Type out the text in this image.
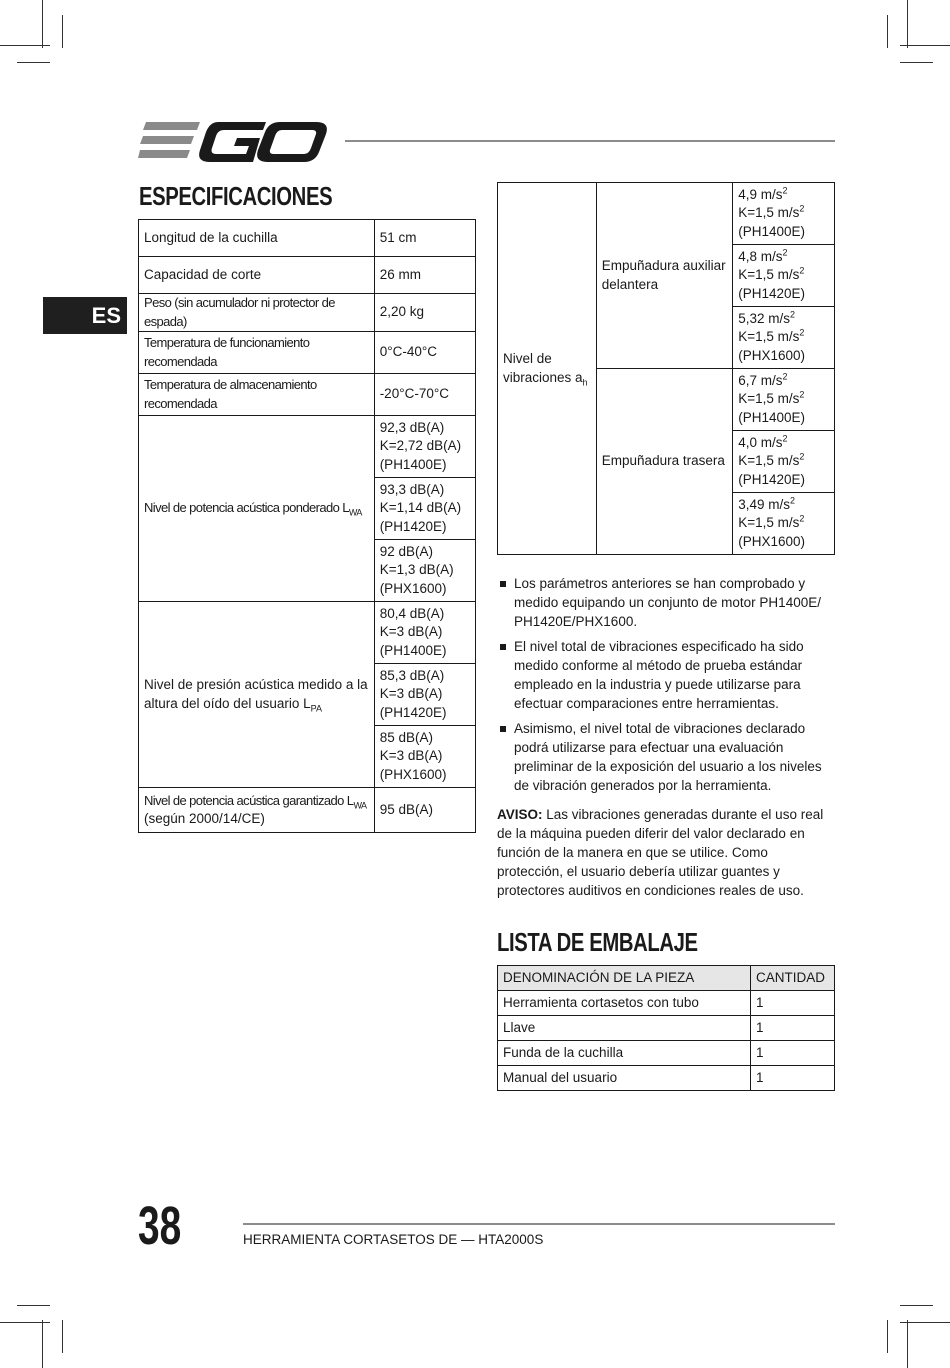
ES
ESPECIFICACIONES
Longitud de la cuchilla	51 cm
Capacidad de corte	26 mm
Peso (sin acumulador ni protector de espada)	2,20 kg
Temperatura de funcionamiento recomendada	0°C-40°C
Temperatura de almacenamiento recomendada	-20°C-70°C
Nivel de potencia acústica ponderado $L_{WA}$	92,3 dB(A)
K=2,72 dB(A)
(PH1400E)

	93,3 dB(A)
K=1,14 dB(A)
(PH1420E)

	92 dB(A)
K=1,3 dB(A)
(PHX1600)

Nivel de presión acústica medido a la altura del oído del usuario $L_{PA}$	80,4 dB(A)
K=3 dB(A)
(PH1400E)

	85,3 dB(A)
K=3 dB(A)
(PH1420E)

	85 dB(A)
K=3 dB(A)
(PHX1600)

Nivel de potencia acústica garantizado $L_{WA}$
(según 2000/14/CE)	95 dB(A)
Nivel de vibraciones $a_h$	Empuñadura auxiliar delantera	4,9 $m/s^2$
K=1,5 $m/s^2$
(PH1400E)

		4,8 $m/s^2$
K=1,5 $m/s^2$
(PH1420E)

		5,32 $m/s^2$
K=1,5 $m/s^2$
(PHX1600)

	Empuñadura trasera	6,7 $m/s^2$
K=1,5 $m/s^2$
(PH1400E)

		4,0 $m/s^2$
K=1,5 $m/s^2$
(PH1420E)

		3,49 $m/s^2$
K=1,5 $m/s^2$
(PHX1600)
Los parámetros anteriores se han comprobado y medido equipando un conjunto de motor PH1400E/ PH1420E/PHX1600.
El nivel total de vibraciones especificado ha sido medido conforme al método de prueba estándar empleado en la industria y puede utilizarse para efectuar comparaciones entre herramientas.
Asimismo, el nivel total de vibraciones declarado podrá utilizarse para efectuar una evaluación preliminar de la exposición del usuario a los niveles de vibración generados por la herramienta.

AVISO: Las vibraciones generadas durante el uso real de la máquina pueden diferir del valor declarado en función de la manera en que se utilice. Como protección, el usuario debería utilizar guantes y protectores auditivos en condiciones reales de uso.

LISTA DE EMBALAJE
DENOMINACIÓN DE LA PIEZA	CANTIDAD
Herramienta cortasetos con tubo	1
Llave	1
Funda de la cuchilla	1
Manual del usuario	1
38	HERRAMIENTA CORTASETOS DE — HTA2000S
